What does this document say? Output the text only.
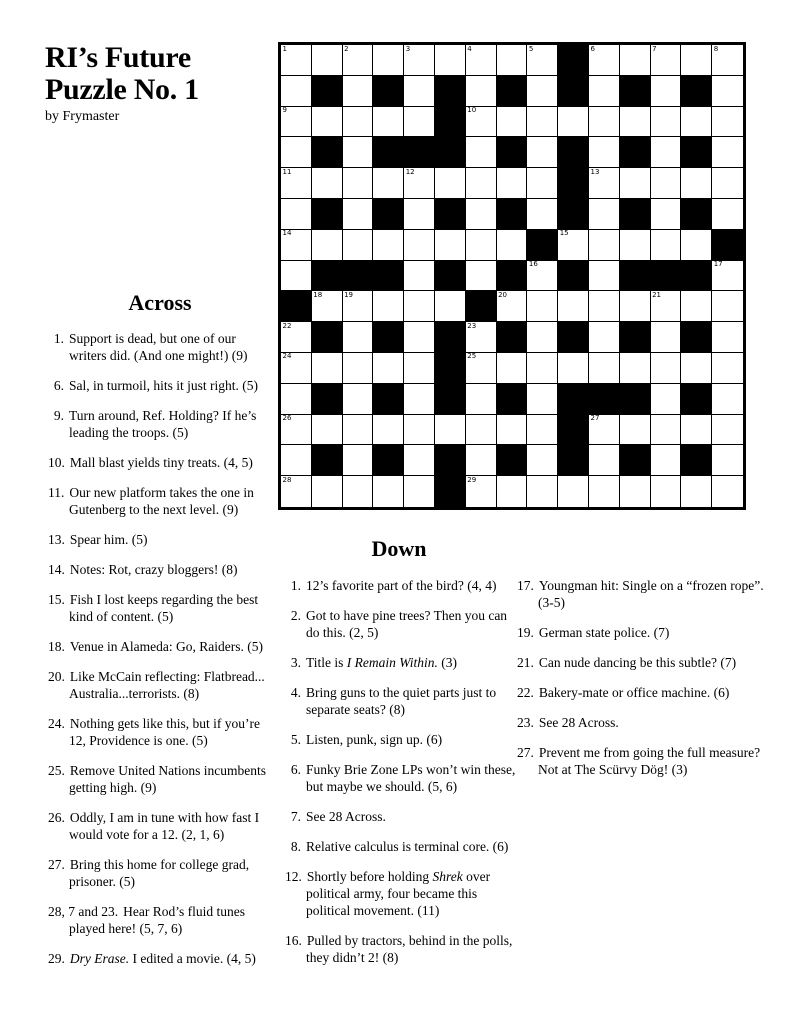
RI’s Future
Puzzle No. 1
by Frymaster
1	2	3	4	5	6	7	8
9	10
11	12	13
14	15
16	17
18	19	20	21
22	23
24	25
26	27
28	29
Across
1. Support is dead, but one of our writers did. (And one might!) (9)
6. Sal, in turmoil, hits it just right. (5)
9. Turn around, Ref. Holding? If he’s leading the troops. (5)
10. Mall blast yields tiny treats. (4, 5)
11. Our new platform takes the one in Gutenberg to the next level. (9)
13. Spear him. (5)
14. Notes: Rot, crazy bloggers! (8)
15. Fish I lost keeps regarding the best kind of content. (5)
18. Venue in Alameda: Go, Raiders. (5)
20. Like McCain reflecting: Flatbread... Australia...terrorists. (8)
24. Nothing gets like this, but if you’re 12, Providence is one. (5)
25. Remove United Nations incumbents getting high. (9)
26. Oddly, I am in tune with how fast I would vote for a 12. (2, 1, 6)
27. Bring this home for college grad, prisoner. (5)
28, 7 and 23. Hear Rod’s fluid tunes played here! (5, 7, 6)
29. Dry Erase. I edited a movie. (4, 5)
Down
1. 12’s favorite part of the bird? (4, 4)
2. Got to have pine trees? Then you can do this. (2, 5)
3. Title is I Remain Within. (3)
4. Bring guns to the quiet parts just to separate seats? (8)
5. Listen, punk, sign up. (6)
6. Funky Brie Zone LPs won’t win these, but maybe we should. (5, 6)
7. See 28 Across.
8. Relative calculus is terminal core. (6)
12. Shortly before holding Shrek over political army, four became this political movement. (11)
16. Pulled by tractors, behind in the polls, they didn’t 2! (8)
17. Youngman hit: Single on a “frozen rope”. (3-5)
19. German state police. (7)
21. Can nude dancing be this subtle? (7)
22. Bakery-mate or office machine. (6)
23. See 28 Across.
27. Prevent me from going the full measure? Not at The Scürvy Dög! (3)
